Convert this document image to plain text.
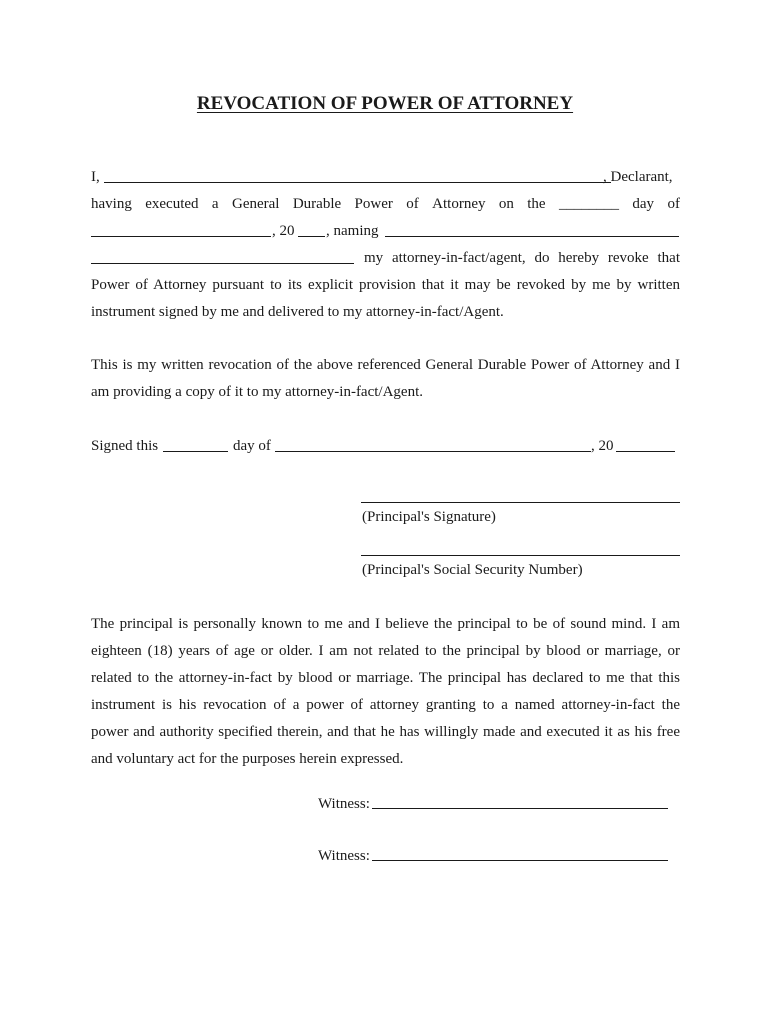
REVOCATION OF POWER OF ATTORNEY

I,

	, Declarant,

having executed a General Durable Power of Attorney on the ________ day of

, 20

, naming

my attorney-in-fact/agent, do hereby revoke that

Power of Attorney pursuant to its explicit provision that it may be revoked by me by written
instrument signed by me and delivered to my attorney-in-fact/Agent.
This is my written revocation of the above referenced General Durable Power of Attorney and I
am providing a copy of it to my attorney-in-fact/Agent.

Signed this

	day of

	, 20

(Principal's Signature)
(Principal's Social Security Number)
The principal is personally known to me and I believe the principal to be of sound mind. I am
eighteen (18) years of age or older. I am not related to the principal by blood or marriage, or
related to the attorney-in-fact by blood or marriage. The principal has declared to me that this
instrument is his revocation of a power of attorney granting to a named attorney-in-fact the
power and authority specified therein, and that he has willingly made and executed it as his free
and voluntary act for the purposes herein expressed.
Witness:
Witness:
